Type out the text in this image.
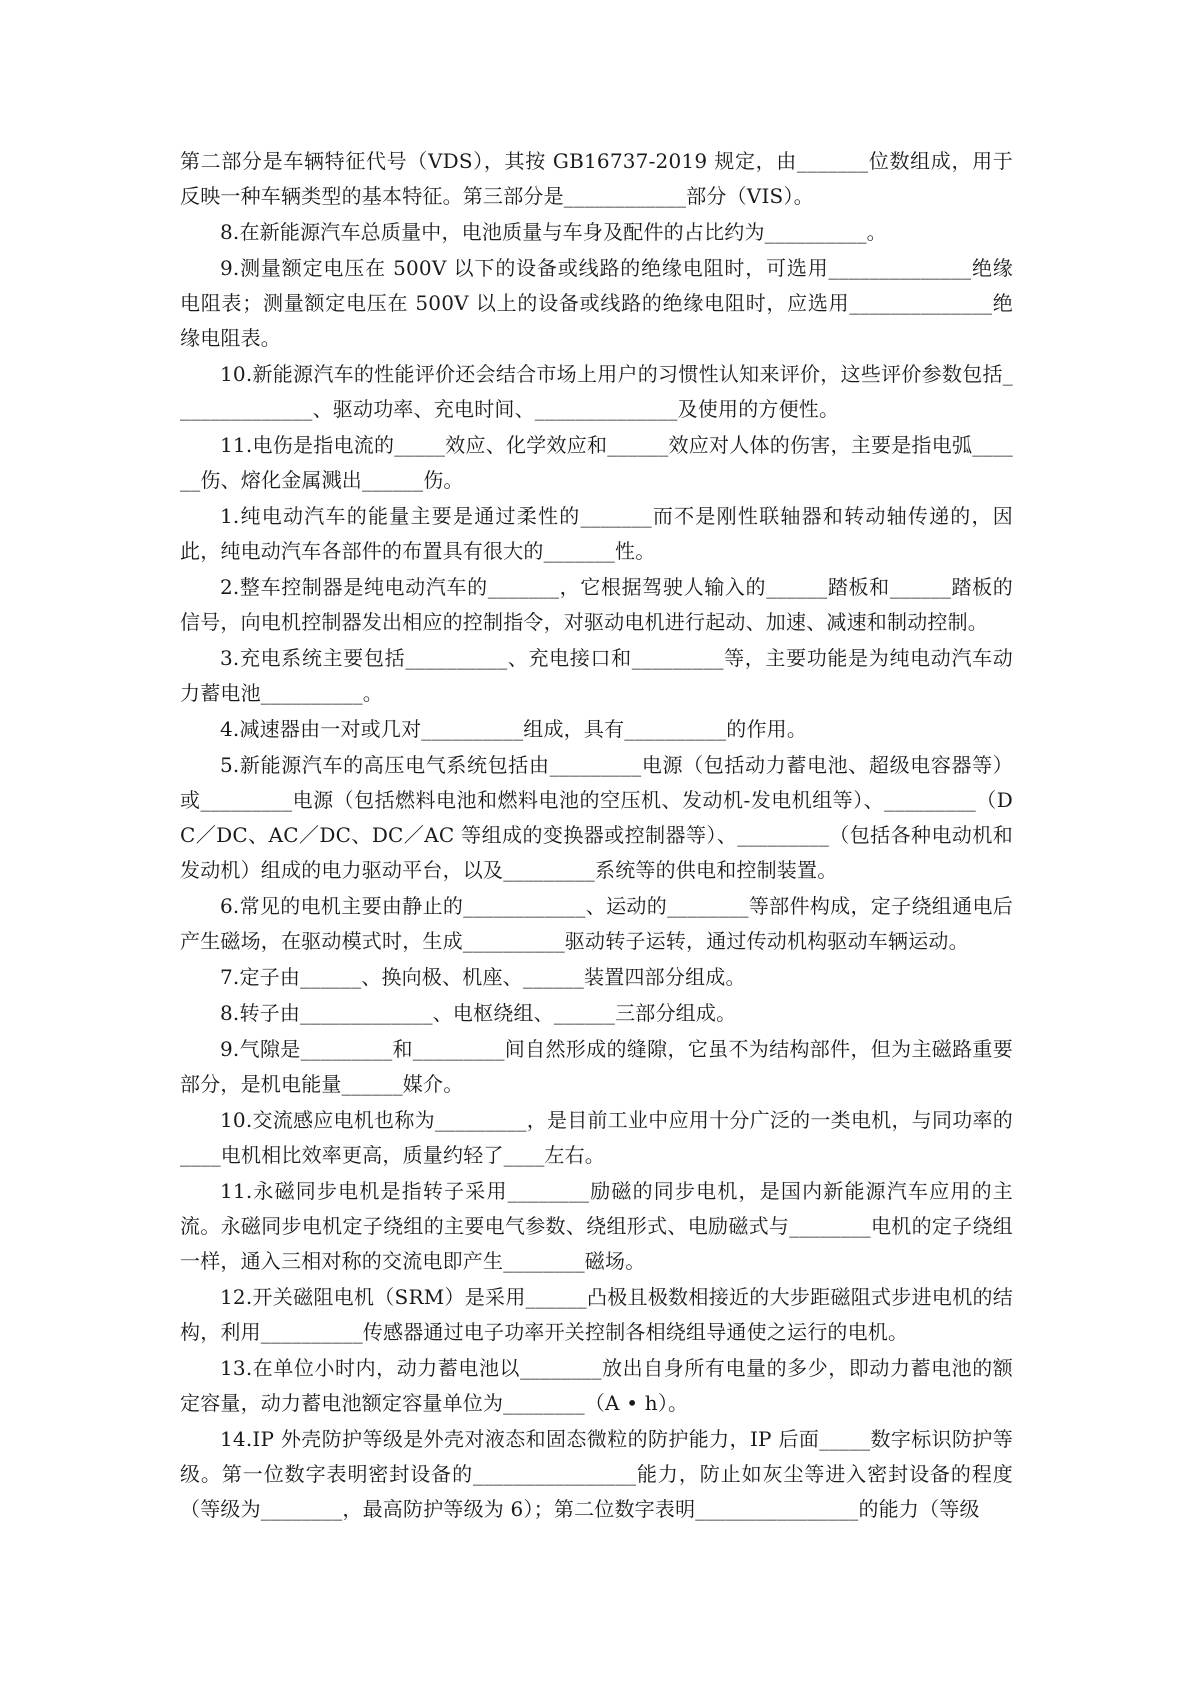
第二部分是车辆特征代号（VDS），其按 GB16737-2019 规定，由_______位数组成，用于反映一种车辆类型的基本特征。第三部分是____________部分（VIS）。

8.在新能源汽车总质量中，电池质量与车身及配件的占比约为__________。

9.测量额定电压在 500V 以下的设备或线路的绝缘电阻时，可选用______________绝缘电阻表；测量额定电压在 500V 以上的设备或线路的绝缘电阻时，应选用______________绝缘电阻表。

10.新能源汽车的性能评价还会结合市场上用户的习惯性认知来评价，这些评价参数包括______________、驱动功率、充电时间、______________及使用的方便性。

11.电伤是指电流的_____效应、化学效应和______效应对人体的伤害，主要是指电弧______伤、熔化金属溅出______伤。

1.纯电动汽车的能量主要是通过柔性的_______而不是刚性联轴器和转动轴传递的，因此，纯电动汽车各部件的布置具有很大的_______性。

2.整车控制器是纯电动汽车的_______，它根据驾驶人输入的______踏板和______踏板的信号，向电机控制器发出相应的控制指令，对驱动电机进行起动、加速、减速和制动控制。

3.充电系统主要包括__________、充电接口和_________等，主要功能是为纯电动汽车动力蓄电池__________。

4.减速器由一对或几对__________组成，具有__________的作用。

5.新能源汽车的高压电气系统包括由_________电源（包括动力蓄电池、超级电容器等）或_________电源（包括燃料电池和燃料电池的空压机、发动机-发电机组等）、_________（DC／DC、AC／DC、DC／AC 等组成的变换器或控制器等）、_________（包括各种电动机和发动机）组成的电力驱动平台，以及_________系统等的供电和控制装置。

6.常见的电机主要由静止的____________、运动的________等部件构成，定子绕组通电后产生磁场，在驱动模式时，生成__________驱动转子运转，通过传动机构驱动车辆运动。

7.定子由______、换向极、机座、______装置四部分组成。

8.转子由_____________、电枢绕组、______三部分组成。

9.气隙是_________和_________间自然形成的缝隙，它虽不为结构部件，但为主磁路重要部分，是机电能量______媒介。

10.交流感应电机也称为_________，是目前工业中应用十分广泛的一类电机，与同功率的____电机相比效率更高，质量约轻了____左右。

11.永磁同步电机是指转子采用________励磁的同步电机，是国内新能源汽车应用的主流。永磁同步电机定子绕组的主要电气参数、绕组形式、电励磁式与________电机的定子绕组一样，通入三相对称的交流电即产生________磁场。

12.开关磁阻电机（SRM）是采用______凸极且极数相接近的大步距磁阻式步进电机的结构，利用__________传感器通过电子功率开关控制各相绕组导通使之运行的电机。

13.在单位小时内，动力蓄电池以________放出自身所有电量的多少，即动力蓄电池的额定容量，动力蓄电池额定容量单位为________（A • h）。

14.IP 外壳防护等级是外壳对液态和固态微粒的防护能力，IP 后面_____数字标识防护等级。第一位数字表明密封设备的________________能力，防止如灰尘等进入密封设备的程度（等级为________，最高防护等级为 6）；第二位数字表明________________的能力（等级
